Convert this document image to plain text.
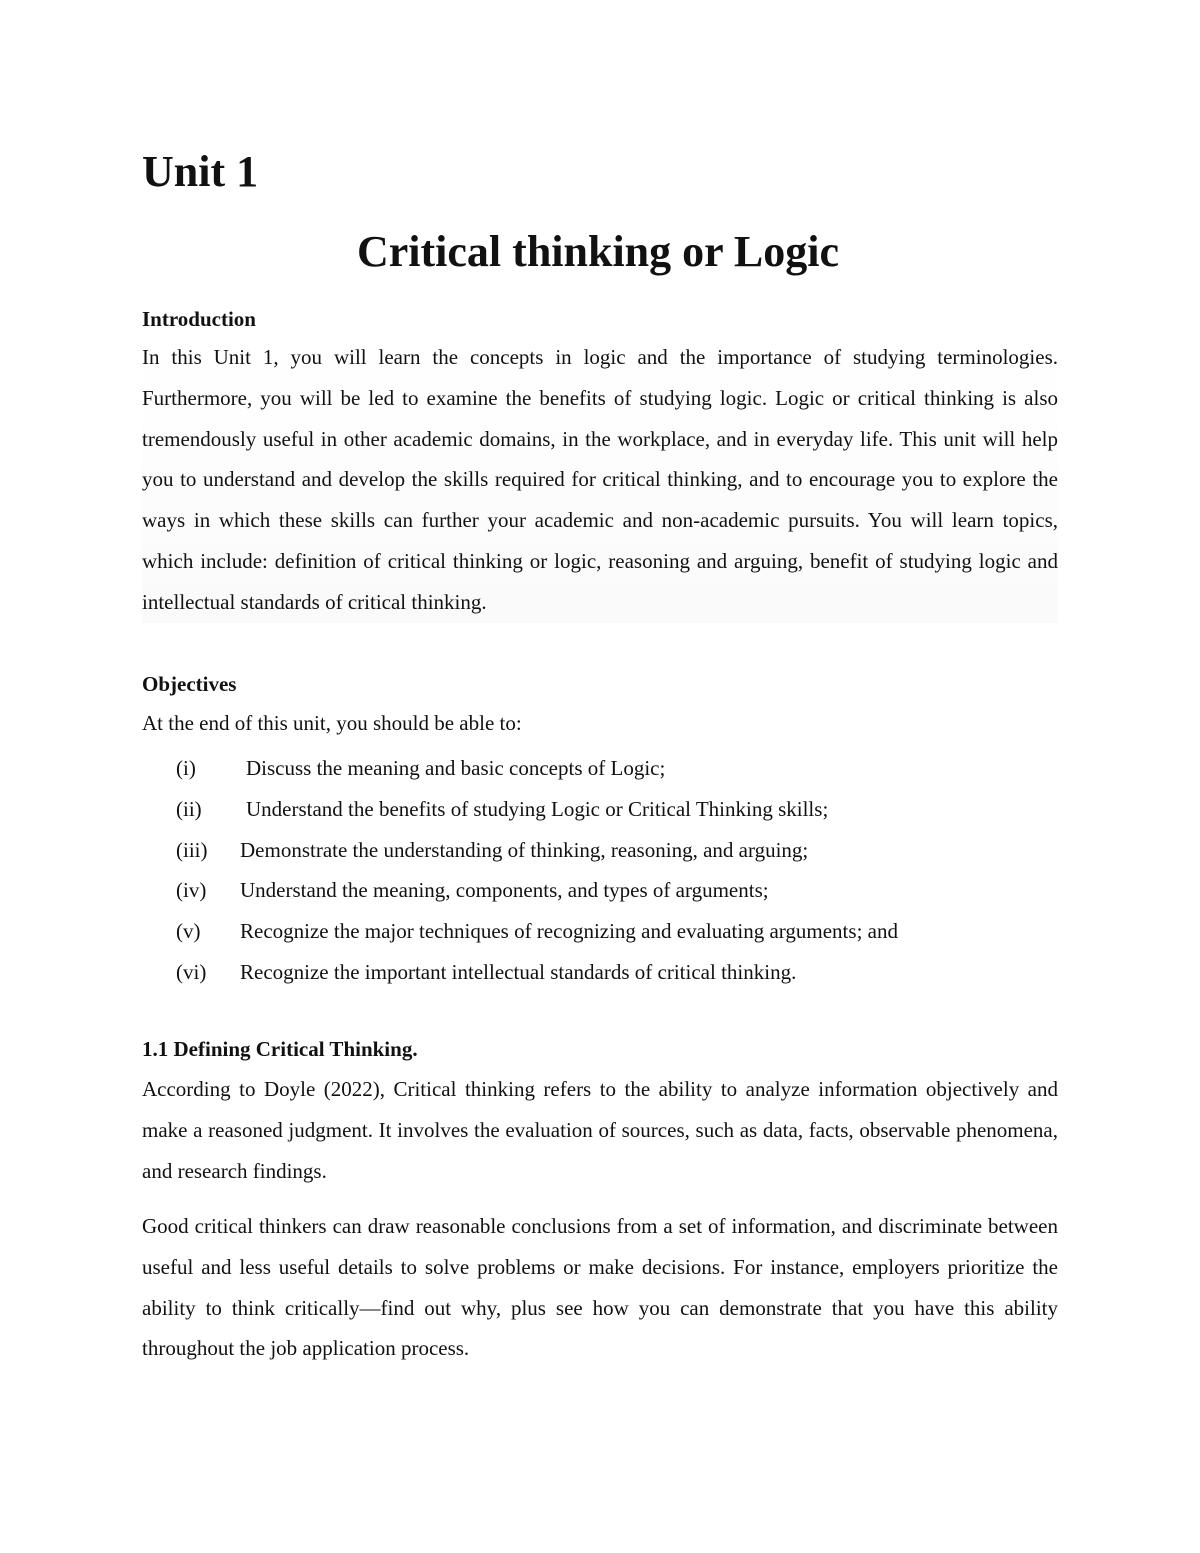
Unit 1
Critical thinking or Logic
Introduction

In this Unit 1, you will learn the concepts in logic and the importance of studying terminologies. Furthermore, you will be led to examine the benefits of studying logic. Logic or critical thinking is also tremendously useful in other academic domains, in the workplace, and in everyday life. This unit will help you to understand and develop the skills required for critical thinking, and to encourage you to explore the ways in which these skills can further your academic and non-academic pursuits. You will learn topics, which include: definition of critical thinking or logic, reasoning and arguing, benefit of studying logic and intellectual standards of critical thinking.

Objectives

At the end of this unit, you should be able to:

(i)	Discuss the meaning and basic concepts of Logic;
(ii)	Understand the benefits of studying Logic or Critical Thinking skills;
(iii)	Demonstrate the understanding of thinking, reasoning, and arguing;
(iv)	Understand the meaning, components, and types of arguments;
(v)	Recognize the major techniques of recognizing and evaluating arguments; and
(vi)	Recognize the important intellectual standards of critical thinking.
1.1 Defining Critical Thinking.

According to Doyle (2022), Critical thinking refers to the ability to analyze information objectively and make a reasoned judgment. It involves the evaluation of sources, such as data, facts, observable phenomena, and research findings.

Good critical thinkers can draw reasonable conclusions from a set of information, and discriminate between useful and less useful details to solve problems or make decisions. For instance, employers prioritize the ability to think critically—find out why, plus see how you can demonstrate that you have this ability throughout the job application process.
